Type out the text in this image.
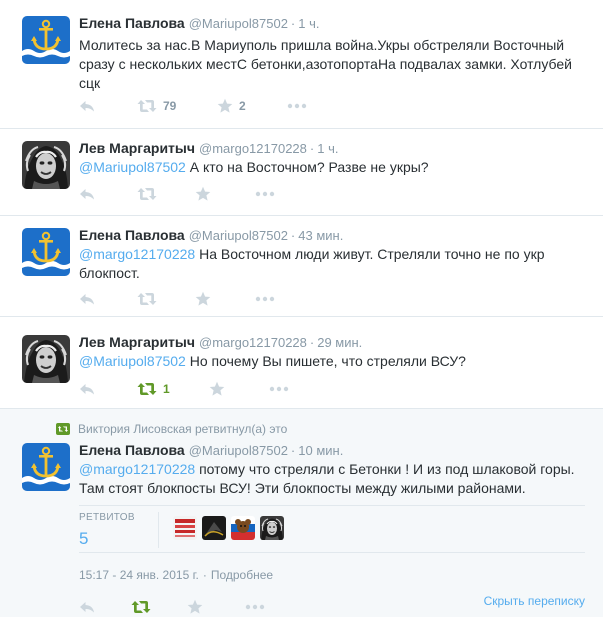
Елена Павлова @Mariupol87502 · 1 ч.
Молитесь за нас.В Мариуполь пришла война.Укры обстреляли Восточный сразу с нескольких местС бетонки,азотопортаНа подвалах замки. Хотлубей сцк
79	2
Лев Маргаритыч @margo12170228 · 1 ч.
@Mariupol87502 А кто на Восточном? Разве не укры?
Елена Павлова @Mariupol87502 · 43 мин.
@margo12170228 На Восточном люди живут. Стреляли точно не по укр блокпост.
Лев Маргаритыч @margo12170228 · 29 мин.
@Mariupol87502 Но почему Вы пишете, что стреляли ВСУ?
1
Виктория Лисовская ретвитнул(а) это
Елена Павлова @Mariupol87502 · 10 мин.
@margo12170228 потому что стреляли с Бетонки ! И из под шлаковой горы. Там стоят блокпосты ВСУ! Эти блокпосты между жилыми районами.
РЕТВИТОВ
5
15:17 - 24 янв. 2015 г. · Подробнее
Скрыть переписку
